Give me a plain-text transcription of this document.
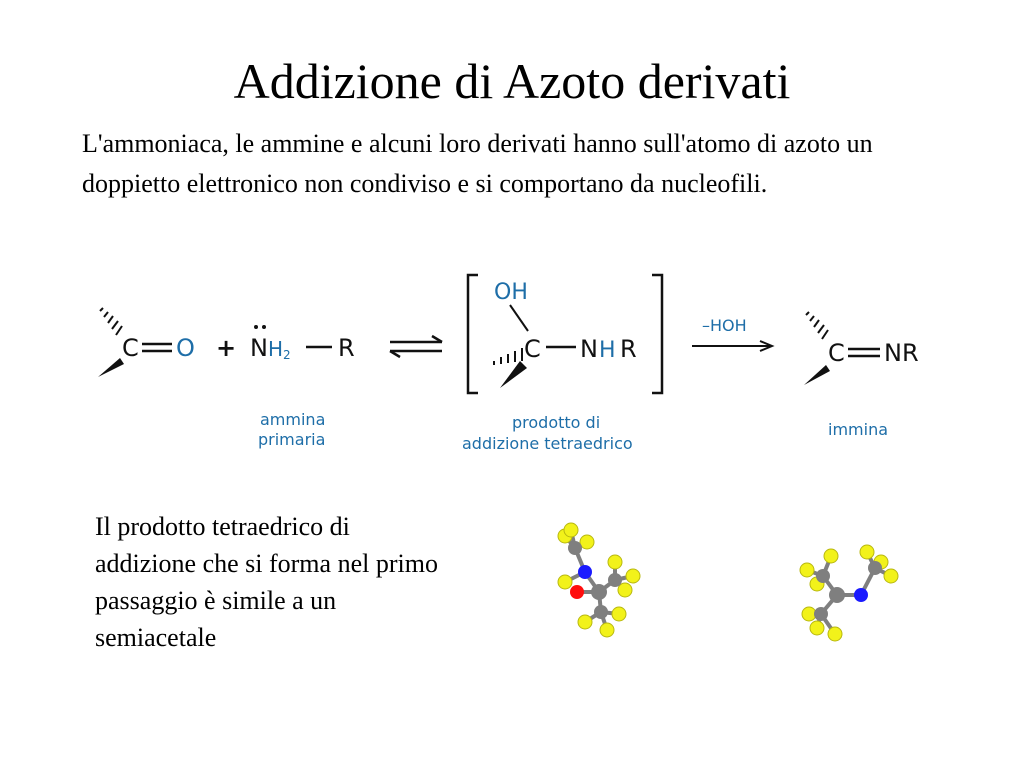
Addizione di Azoto derivati
L'ammoniaca, le ammine e alcuni loro derivati hanno sull'atomo di azoto un doppietto elettronico non condiviso e si comportano da nucleofili.
C O + N H 2 R
OH
C N H R
–HOH
C NR
ammina
primaria
prodotto di
addizione tetraedrico
immina
Il prodotto tetraedrico di addizione che si forma nel primo passaggio è simile a un semiacetale
